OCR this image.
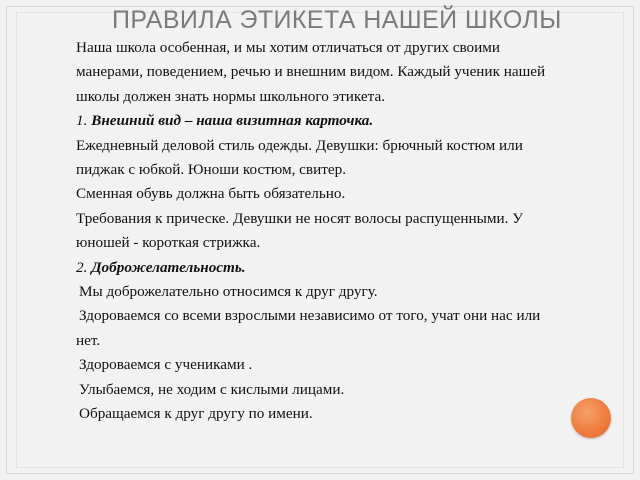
ПРАВИЛА ЭТИКЕТА НАШЕЙ ШКОЛЫ

Наша школа особенная, и мы хотим отличаться от других своими

манерами, поведением, речью и внешним видом. Каждый ученик нашей

школы должен знать нормы школьного этикета.

1. Внешний вид – наша визитная карточка.

Ежедневный деловой стиль одежды. Девушки: брючный костюм или

пиджак с юбкой. Юноши костюм, свитер.

Сменная обувь должна быть обязательно.

Требования к прическе. Девушки не носят волосы распущенными. У

юношей - короткая стрижка.

2. Доброжелательность.

Мы доброжелательно относимся к друг другу.

Здороваемся со всеми взрослыми независимо от того, учат они нас или

нет.

Здороваемся с учениками .

Улыбаемся, не ходим с кислыми лицами.

Обращаемся к друг другу по имени.
